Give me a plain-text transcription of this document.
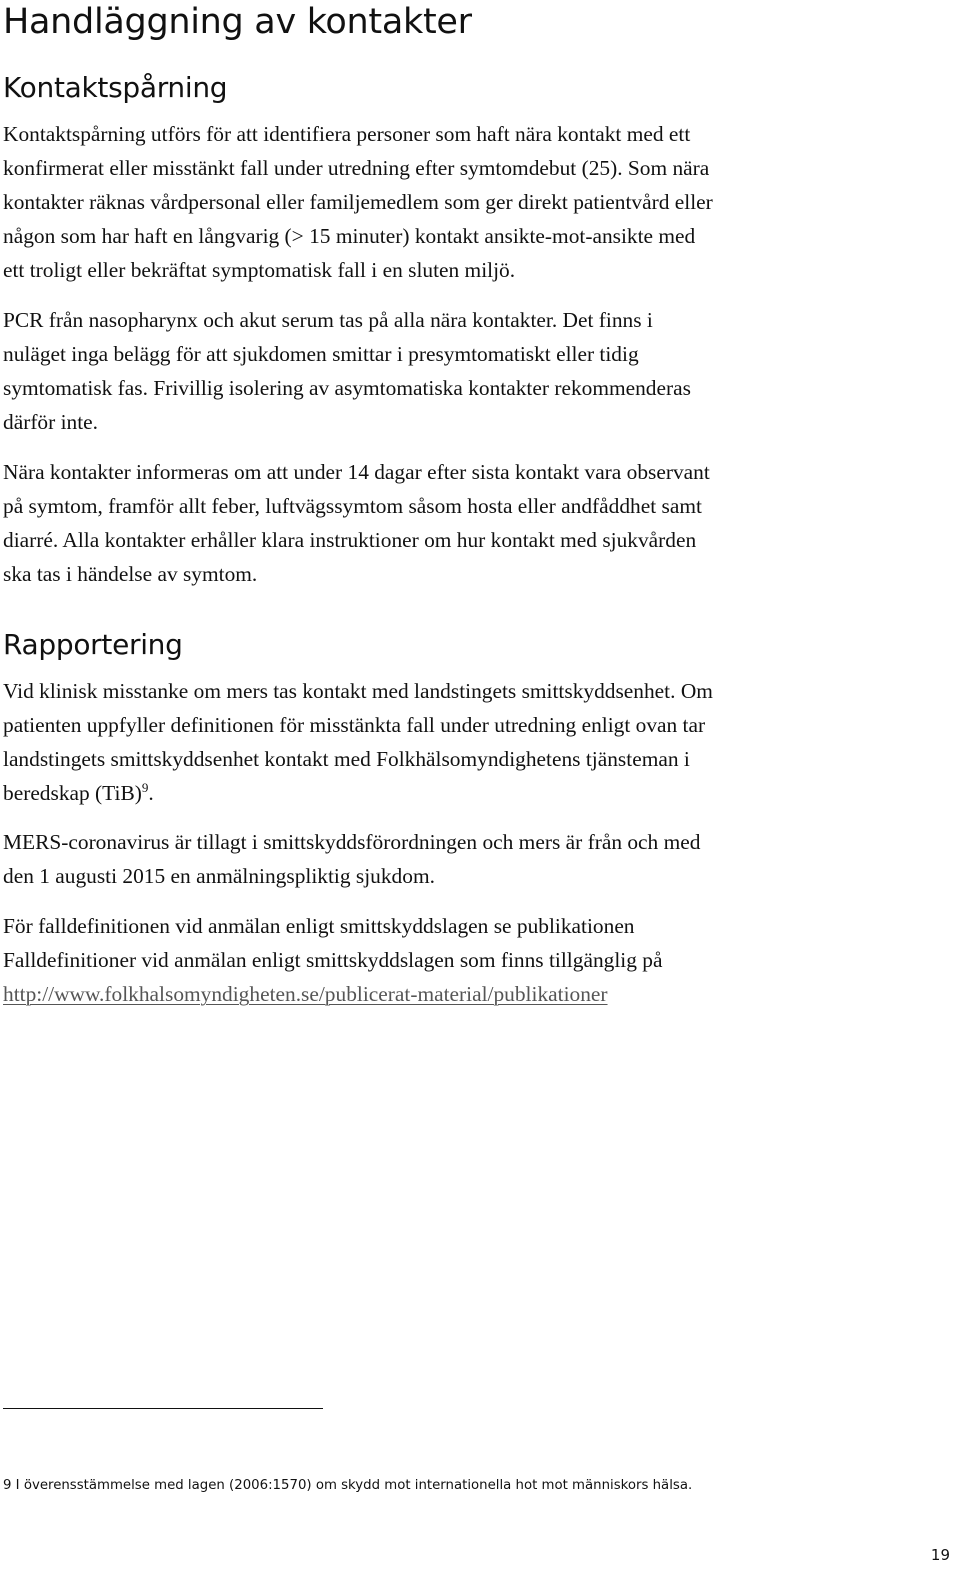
Handläggning av kontakter
Kontaktspårning

Kontaktspårning utförs för att identifiera personer som haft nära kontakt med ett
konfirmerat eller misstänkt fall under utredning efter symtomdebut (25). Som nära
kontakter räknas vårdpersonal eller familjemedlem som ger direkt patientvård eller
någon som har haft en långvarig (> 15 minuter) kontakt ansikte-mot-ansikte med
ett troligt eller bekräftat symptomatisk fall i en sluten miljö.

PCR från nasopharynx och akut serum tas på alla nära kontakter. Det finns i
nuläget inga belägg för att sjukdomen smittar i presymtomatiskt eller tidig
symtomatisk fas. Frivillig isolering av asymtomatiska kontakter rekommenderas
därför inte.

Nära kontakter informeras om att under 14 dagar efter sista kontakt vara observant
på symtom, framför allt feber, luftvägssymtom såsom hosta eller andfåddhet samt
diarré. Alla kontakter erhåller klara instruktioner om hur kontakt med sjukvården
ska tas i händelse av symtom.

Rapportering

Vid klinisk misstanke om mers tas kontakt med landstingets smittskyddsenhet. Om
patienten uppfyller definitionen för misstänkta fall under utredning enligt ovan tar
landstingets smittskyddsenhet kontakt med Folkhälsomyndighetens tjänsteman i
beredskap (TiB)$^9$.

MERS-coronavirus är tillagt i smittskyddsförordningen och mers är från och med
den 1 augusti 2015 en anmälningspliktig sjukdom.

För falldefinitionen vid anmälan enligt smittskyddslagen se publikationen
Falldefinitioner vid anmälan enligt smittskyddslagen som finns tillgänglig på
http://www.folkhalsomyndigheten.se/publicerat-material/publikationer

9 I överensstämmelse med lagen (2006:1570) om skydd mot internationella hot mot människors hälsa.

19
